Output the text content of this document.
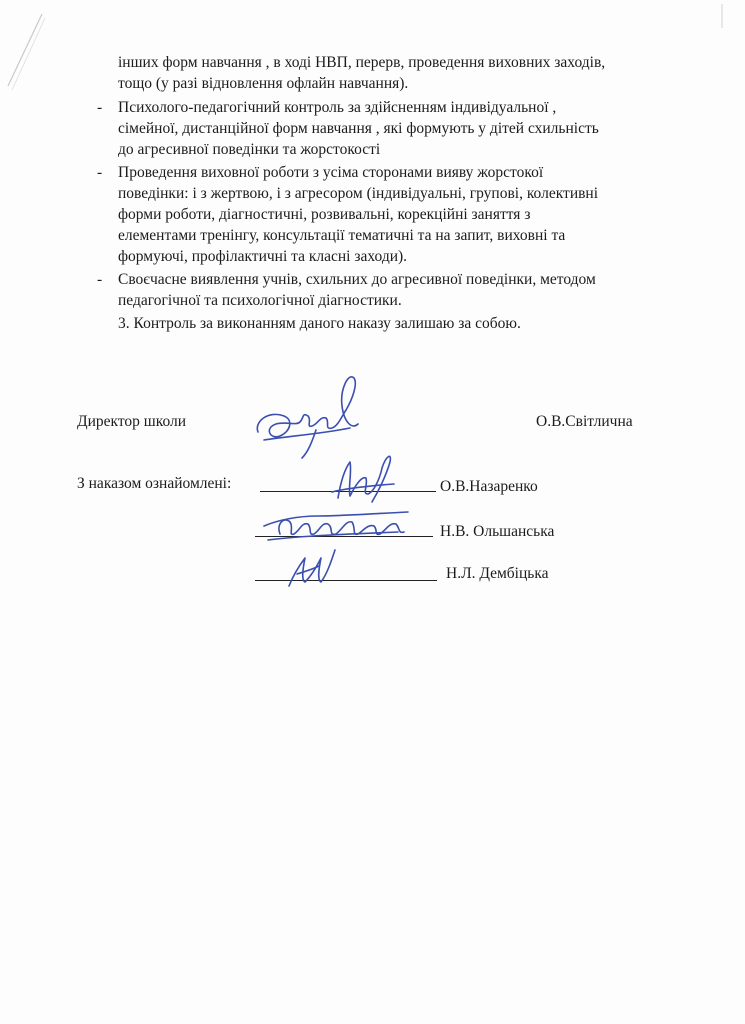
інших форм навчання , в ході НВП, перерв, проведення виховних заходів,
тощо (у разі відновлення офлайн навчання).
- Психолого-педагогічний контроль за здійсненням індивідуальної ,
сімейної, дистанційної форм навчання , які формують у дітей схильність
до агресивної поведінки та жорстокості
- Проведення виховної роботи з усіма сторонами вияву жорстокої
поведінки: і з жертвою, і з агресором (індивідуальні, групові, колективні
форми роботи, діагностичні, розвивальні, корекційні заняття з
елементами тренінгу, консультації тематичні та на запит, виховні та
формуючі, профілактичні та класні заходи).
- Своєчасне виявлення учнів, схильних до агресивної поведінки, методом
педагогічної та психологічної діагностики.
3. Контроль за виконанням даного наказу залишаю за собою.
Директор школи	О.В.Світлична
З наказом ознайомлені:	О.В.Назаренко
Н.В. Ольшанська
Н.Л. Дембіцька
